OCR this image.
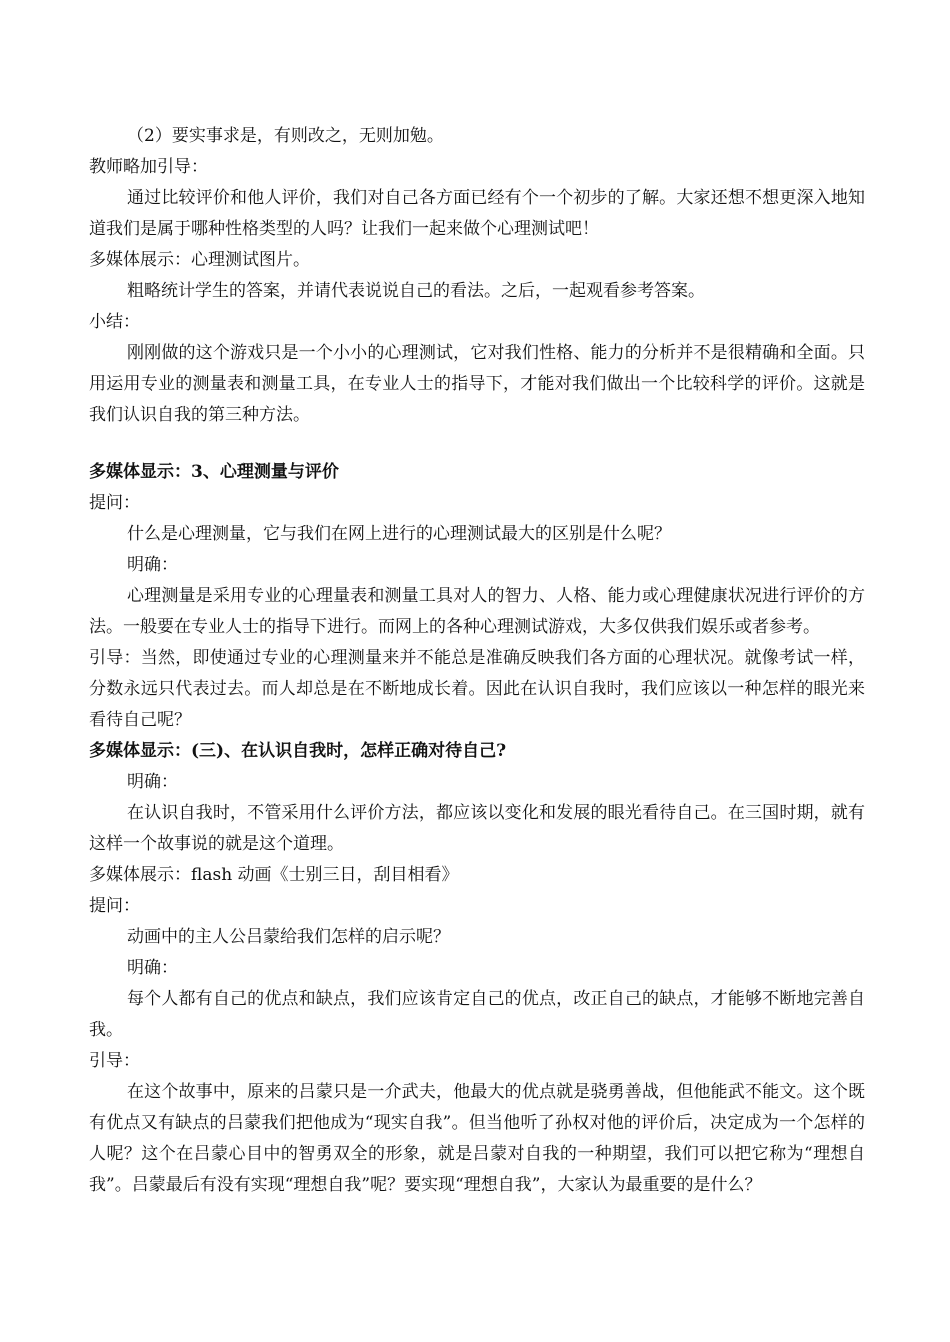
（2）要实事求是，有则改之，无则加勉。

教师略加引导：

通过比较评价和他人评价，我们对自己各方面已经有个一个初步的了解。大家还想不想更深入地知道我们是属于哪种性格类型的人吗？让我们一起来做个心理测试吧！

多媒体展示：心理测试图片。

粗略统计学生的答案，并请代表说说自己的看法。之后，一起观看参考答案。

小结：

刚刚做的这个游戏只是一个小小的心理测试，它对我们性格、能力的分析并不是很精确和全面。只用运用专业的测量表和测量工具，在专业人士的指导下，才能对我们做出一个比较科学的评价。这就是我们认识自我的第三种方法。

多媒体显示：3、心理测量与评价

提问：

什么是心理测量，它与我们在网上进行的心理测试最大的区别是什么呢？

明确：

心理测量是采用专业的心理量表和测量工具对人的智力、人格、能力或心理健康状况进行评价的方法。一般要在专业人士的指导下进行。而网上的各种心理测试游戏，大多仅供我们娱乐或者参考。

引导：当然，即使通过专业的心理测量来并不能总是准确反映我们各方面的心理状况。就像考试一样，分数永远只代表过去。而人却总是在不断地成长着。因此在认识自我时，我们应该以一种怎样的眼光来看待自己呢？

多媒体显示：(三)、在认识自我时，怎样正确对待自己?

明确：

在认识自我时，不管采用什么评价方法，都应该以变化和发展的眼光看待自己。在三国时期，就有这样一个故事说的就是这个道理。

多媒体展示：flash 动画《士别三日，刮目相看》

提问：

动画中的主人公吕蒙给我们怎样的启示呢？

明确：

每个人都有自己的优点和缺点，我们应该肯定自己的优点，改正自己的缺点，才能够不断地完善自我。

引导：

在这个故事中，原来的吕蒙只是一介武夫，他最大的优点就是骁勇善战，但他能武不能文。这个既有优点又有缺点的吕蒙我们把他成为“现实自我”。但当他听了孙权对他的评价后，决定成为一个怎样的人呢？这个在吕蒙心目中的智勇双全的形象，就是吕蒙对自我的一种期望，我们可以把它称为“理想自我”。吕蒙最后有没有实现“理想自我”呢？要实现“理想自我”，大家认为最重要的是什么？
